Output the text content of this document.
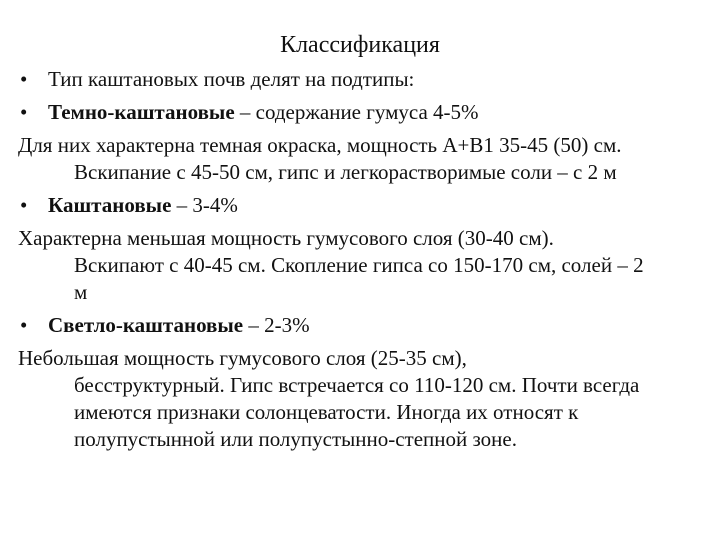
Классификация
• Тип каштановых почв делят на подтипы:
• Темно-каштановые – содержание гумуса 4-5%
Для них характерна темная окраска, мощность А+В1 35-45 (50) см.
Вскипание с 45-50 см, гипс и легкорастворимые соли – с 2 м
• Каштановые – 3-4%
Характерна меньшая мощность гумусового слоя (30-40 см).
Вскипают с 40-45 см. Скопление гипса со 150-170 см, солей – 2
м
• Светло-каштановые – 2-3%
Небольшая мощность гумусового слоя (25-35 см),
бесструктурный. Гипс встречается со 110-120 см. Почти всегда
имеются признаки солонцеватости. Иногда их относят к
полупустынной или полупустынно-степной зоне.
